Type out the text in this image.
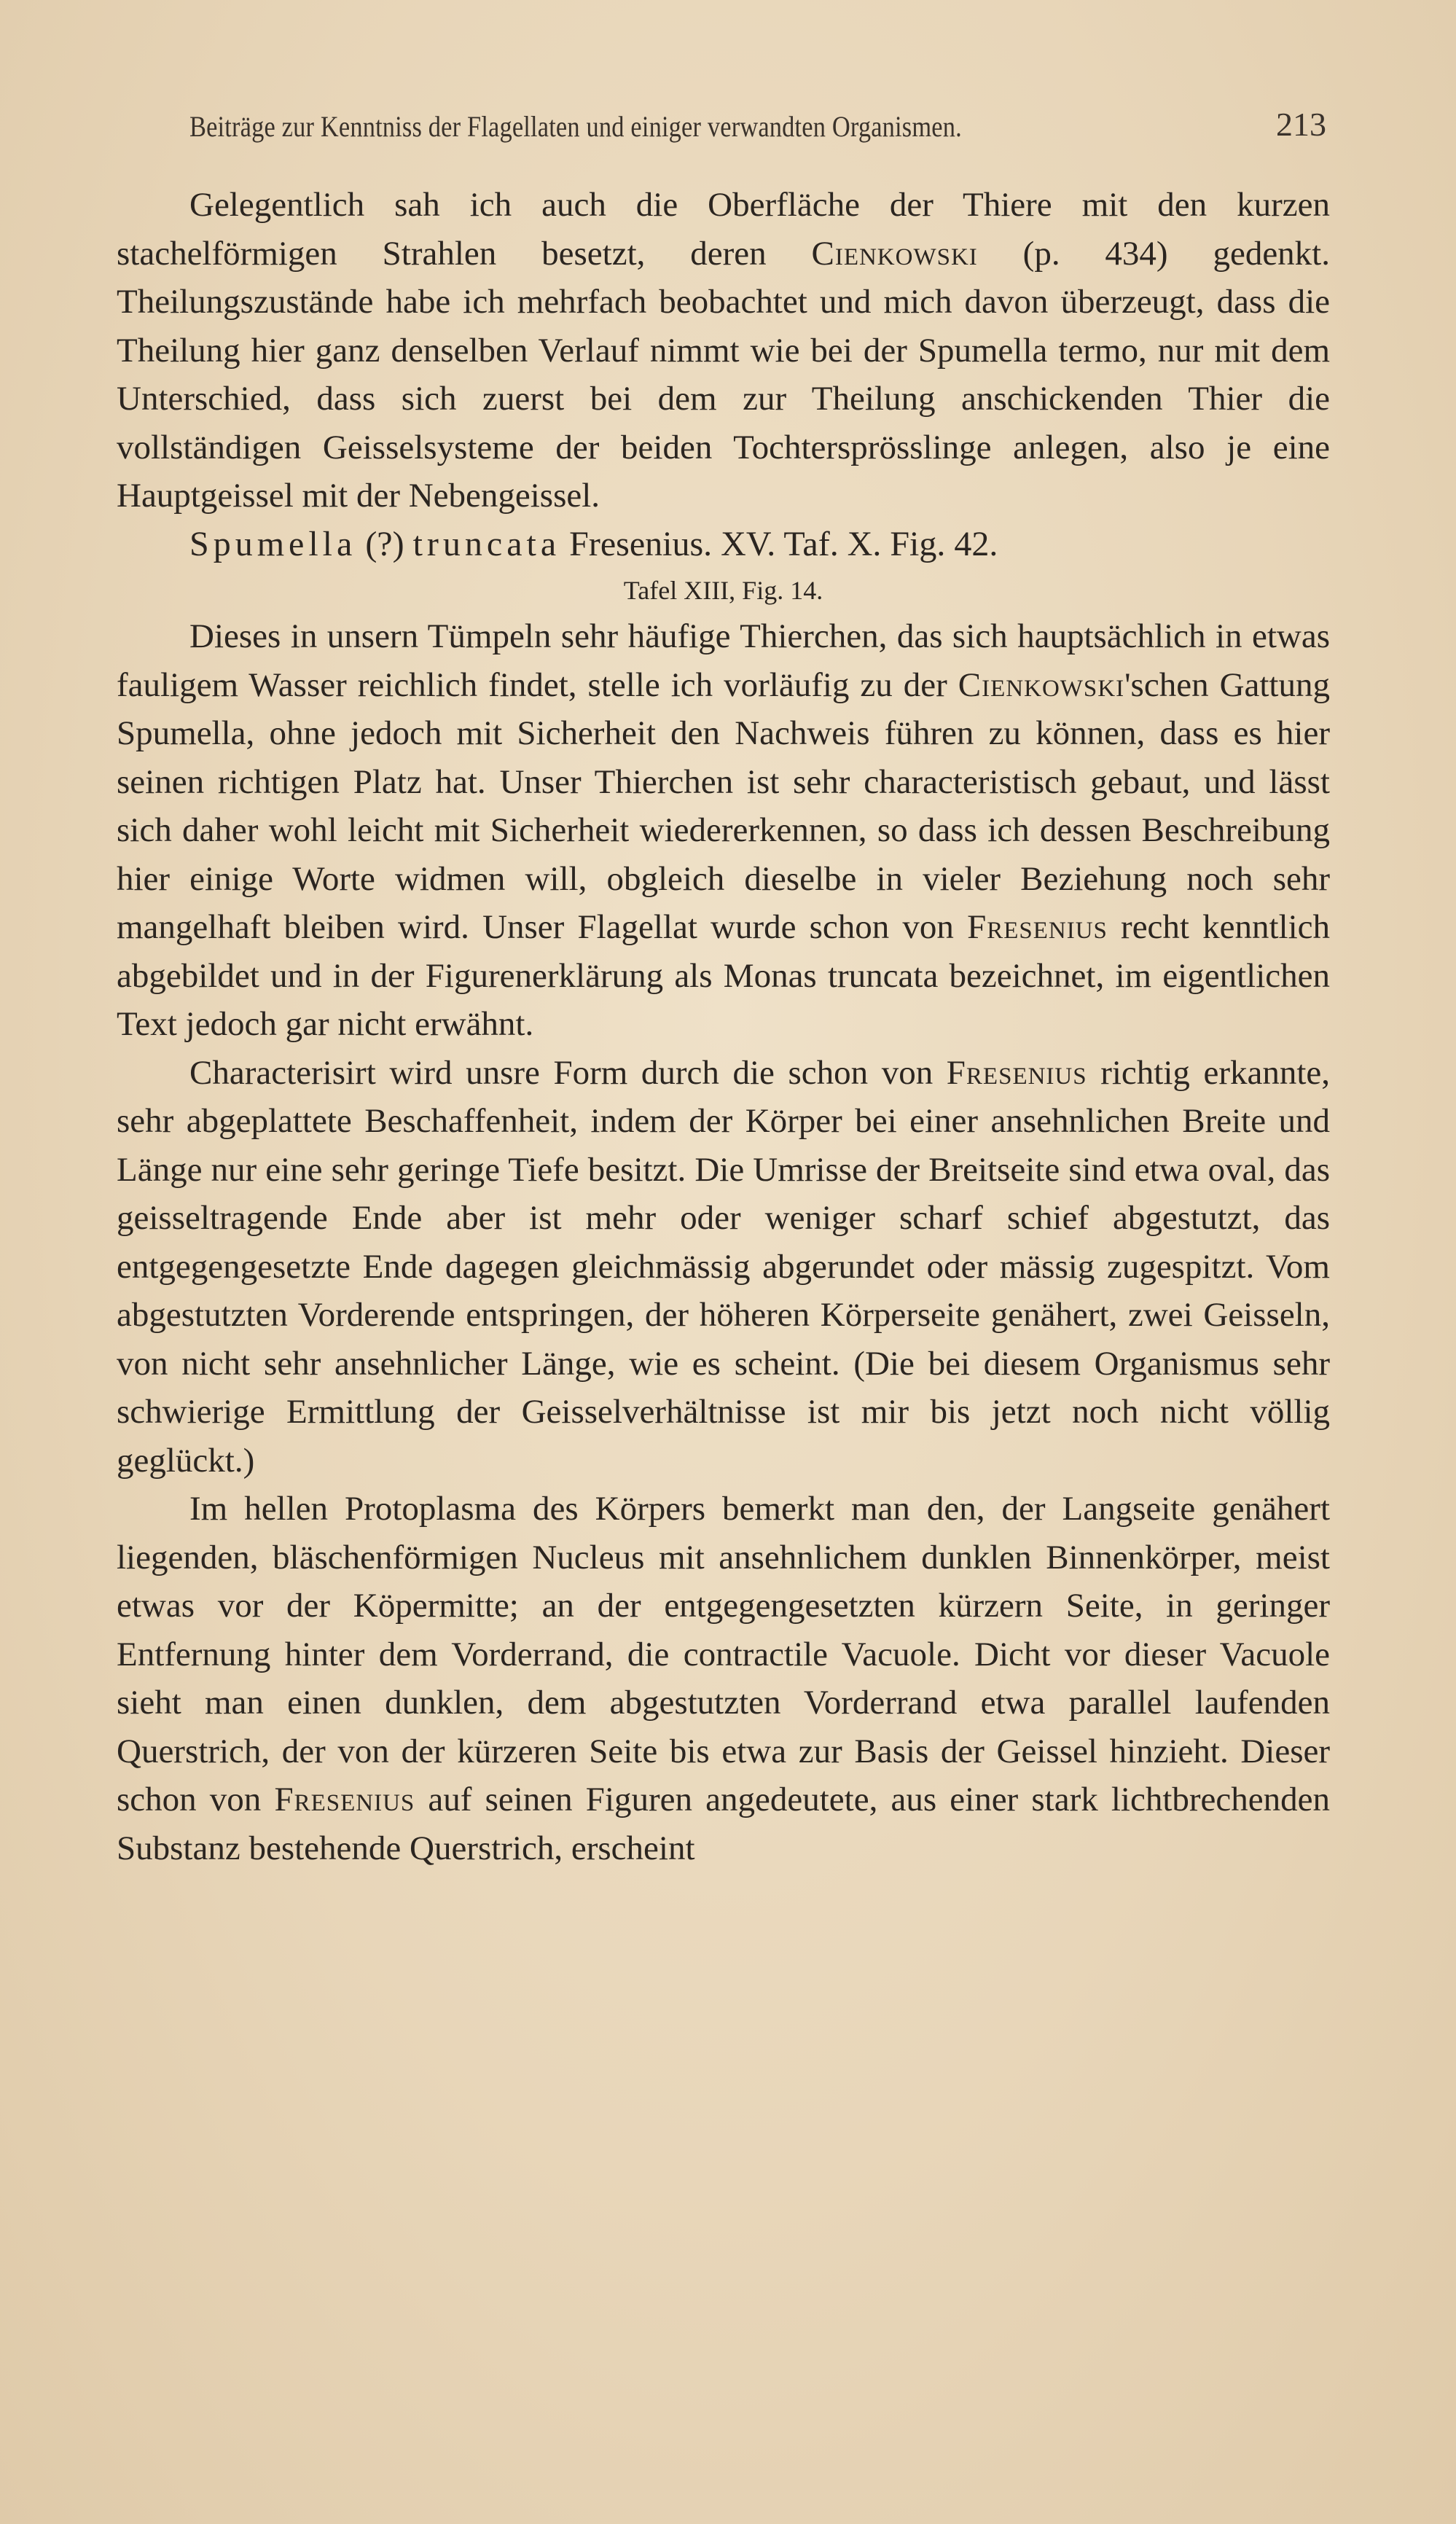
Beiträge zur Kenntniss der Flagellaten und einiger verwandten Organismen.	213

Gelegentlich sah ich auch die Oberfläche der Thiere mit den kurzen stachelförmigen Strahlen besetzt, deren Cienkowski (p. 434) gedenkt. Theilungszustände habe ich mehrfach beobachtet und mich davon überzeugt, dass die Theilung hier ganz denselben Verlauf nimmt wie bei der Spumella termo, nur mit dem Unterschied, dass sich zuerst bei dem zur Theilung anschickenden Thier die vollständigen Geisselsysteme der beiden Tochtersprösslinge anlegen, also je eine Hauptgeissel mit der Nebengeissel.

Spumella (?) truncata Fresenius. XV. Taf. X. Fig. 42.

Tafel XIII, Fig. 14.

Dieses in unsern Tümpeln sehr häufige Thierchen, das sich hauptsächlich in etwas fauligem Wasser reichlich findet, stelle ich vorläufig zu der Cienkowski'schen Gattung Spumella, ohne jedoch mit Sicherheit den Nachweis führen zu können, dass es hier seinen richtigen Platz hat. Unser Thierchen ist sehr characteristisch gebaut, und lässt sich daher wohl leicht mit Sicherheit wiedererkennen, so dass ich dessen Beschreibung hier einige Worte widmen will, obgleich dieselbe in vieler Beziehung noch sehr mangelhaft bleiben wird. Unser Flagellat wurde schon von Fresenius recht kenntlich abgebildet und in der Figurenerklärung als Monas truncata bezeichnet, im eigentlichen Text jedoch gar nicht erwähnt.

Characterisirt wird unsre Form durch die schon von Fresenius richtig erkannte, sehr abgeplattete Beschaffenheit, indem der Körper bei einer ansehnlichen Breite und Länge nur eine sehr geringe Tiefe besitzt. Die Umrisse der Breitseite sind etwa oval, das geisseltragende Ende aber ist mehr oder weniger scharf schief abgestutzt, das entgegengesetzte Ende dagegen gleichmässig abgerundet oder mässig zugespitzt. Vom abgestutzten Vorderende entspringen, der höheren Körperseite genähert, zwei Geisseln, von nicht sehr ansehnlicher Länge, wie es scheint. (Die bei diesem Organismus sehr schwierige Ermittlung der Geisselverhältnisse ist mir bis jetzt noch nicht völlig geglückt.)

Im hellen Protoplasma des Körpers bemerkt man den, der Langseite genähert liegenden, bläschenförmigen Nucleus mit ansehnlichem dunklen Binnenkörper, meist etwas vor der Köpermitte; an der entgegengesetzten kürzern Seite, in geringer Entfernung hinter dem Vorderrand, die contractile Vacuole. Dicht vor dieser Vacuole sieht man einen dunklen, dem abgestutzten Vorderrand etwa parallel laufenden Querstrich, der von der kürzeren Seite bis etwa zur Basis der Geissel hinzieht. Dieser schon von Fresenius auf seinen Figuren angedeutete, aus einer stark lichtbrechenden Substanz bestehende Querstrich, erscheint
